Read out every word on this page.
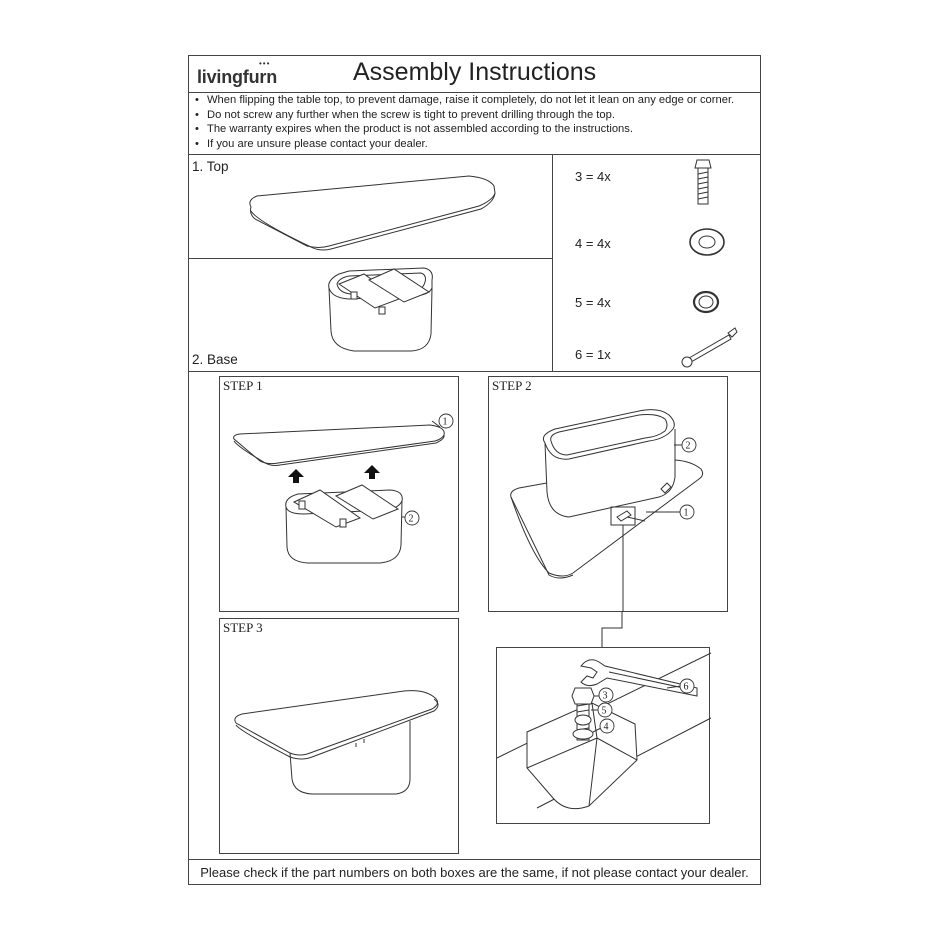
livingfurn
•••	Assembly Instructions
• When flipping the table top, to prevent damage, raise it completely, do not let it lean on any edge or corner.
• Do not screw any further when the screw is tight to prevent drilling through the top.
• The warranty expires when the product is not assembled according to the instructions.
• If you are unsure please contact your dealer.
1. Top
2. Base
3 = 4x
4 = 4x
5 = 4x
6 = 1x
STEP 1
1
2
STEP 2
2
1
STEP 3
3
5
4
6
Please check if the part numbers on both boxes are the same, if not please contact your dealer.
